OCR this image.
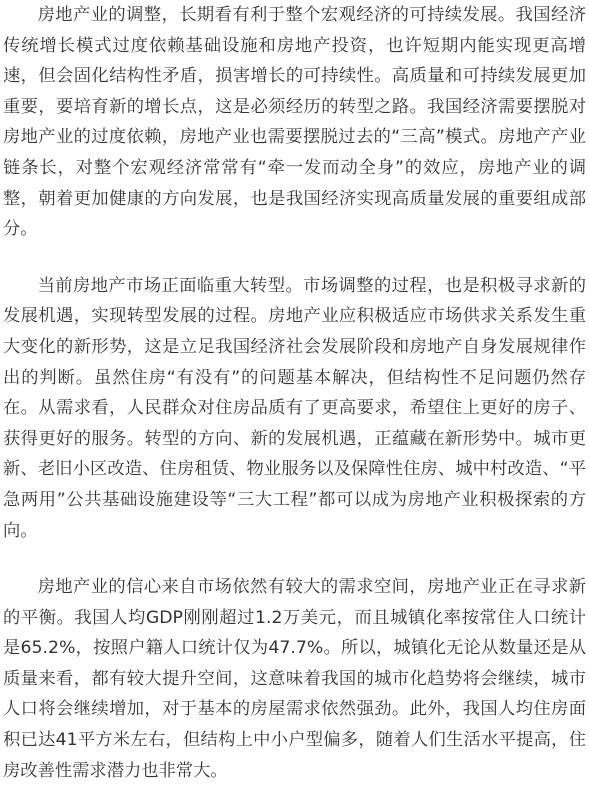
房地产业的调整，长期看有利于整个宏观经济的可持续发展。我国经济传统增长模式过度依赖基础设施和房地产投资，也许短期内能实现更高增速，但会固化结构性矛盾，损害增长的可持续性。高质量和可持续发展更加重要，要培育新的增长点，这是必须经历的转型之路。我国经济需要摆脱对房地产业的过度依赖，房地产业也需要摆脱过去的“三高”模式。房地产产业链条长，对整个宏观经济常常有“牵一发而动全身”的效应，房地产业的调整，朝着更加健康的方向发展，也是我国经济实现高质量发展的重要组成部分。

当前房地产市场正面临重大转型。市场调整的过程，也是积极寻求新的发展机遇，实现转型发展的过程。房地产业应积极适应市场供求关系发生重大变化的新形势，这是立足我国经济社会发展阶段和房地产自身发展规律作出的判断。虽然住房“有没有”的问题基本解决，但结构性不足问题仍然存在。从需求看，人民群众对住房品质有了更高要求，希望住上更好的房子、获得更好的服务。转型的方向、新的发展机遇，正蕴藏在新形势中。城市更新、老旧小区改造、住房租赁、物业服务以及保障性住房、城中村改造、“平急两用”公共基础设施建设等“三大工程”都可以成为房地产业积极探索的方向。

房地产业的信心来自市场依然有较大的需求空间，房地产业正在寻求新的平衡。我国人均GDP刚刚超过1.2万美元，而且城镇化率按常住人口统计是65.2%，按照户籍人口统计仅为47.7%。所以，城镇化无论从数量还是从质量来看，都有较大提升空间，这意味着我国的城市化趋势将会继续，城市人口将会继续增加，对于基本的房屋需求依然强劲。此外，我国人均住房面积已达41平方米左右，但结构上中小户型偏多，随着人们生活水平提高，住房改善性需求潜力也非常大。
